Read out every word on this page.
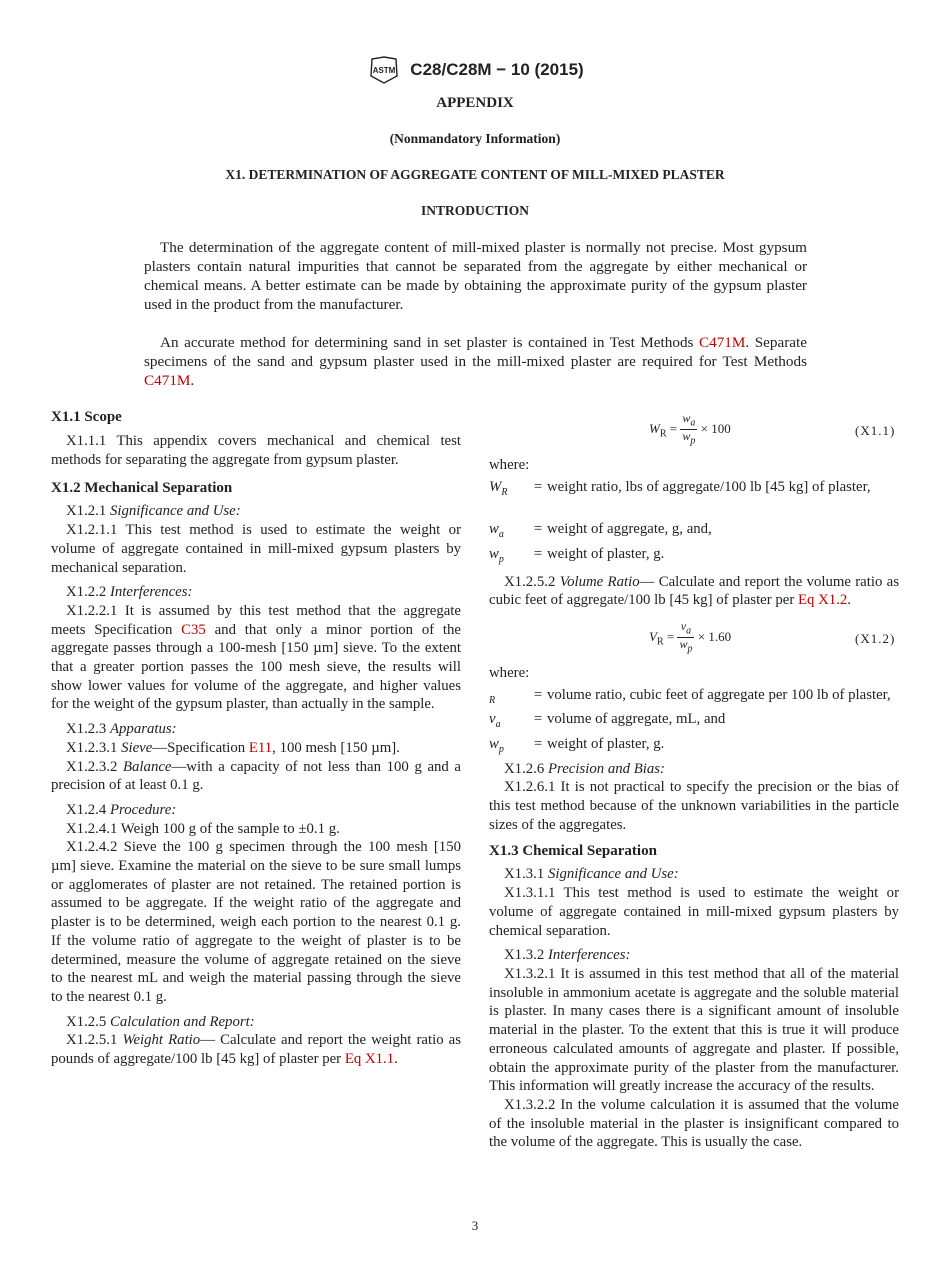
ASTM C28/C28M − 10 (2015)
APPENDIX
(Nonmandatory Information)
X1. DETERMINATION OF AGGREGATE CONTENT OF MILL-MIXED PLASTER
INTRODUCTION

The determination of the aggregate content of mill-mixed plaster is normally not precise. Most gypsum plasters contain natural impurities that cannot be separated from the aggregate by either mechanical or chemical means. A better estimate can be made by obtaining the approximate purity of the gypsum plaster used in the product from the manufacturer.

An accurate method for determining sand in set plaster is contained in Test Methods C471M. Separate specimens of the sand and gypsum plaster used in the mill-mixed plaster are required for Test Methods C471M.

X1.1 Scope

X1.1.1 This appendix covers mechanical and chemical test methods for separating the aggregate from gypsum plaster.

X1.2 Mechanical Separation

X1.2.1 Significance and Use:

X1.2.1.1 This test method is used to estimate the weight or volume of aggregate contained in mill-mixed gypsum plasters by mechanical separation.

X1.2.2 Interferences:

X1.2.2.1 It is assumed by this test method that the aggregate meets Specification C35 and that only a minor portion of the aggregate passes through a 100-mesh [150 µm] sieve. To the extent that a greater portion passes the 100 mesh sieve, the results will show lower values for volume of the aggregate, and higher values for the weight of the gypsum plaster, than actually in the sample.

X1.2.3 Apparatus:

X1.2.3.1 Sieve—Specification E11, 100 mesh [150 µm].

X1.2.3.2 Balance—with a capacity of not less than 100 g and a precision of at least 0.1 g.

X1.2.4 Procedure:

X1.2.4.1 Weigh 100 g of the sample to ±0.1 g.

X1.2.4.2 Sieve the 100 g specimen through the 100 mesh [150 µm] sieve. Examine the material on the sieve to be sure small lumps or agglomerates of plaster are not retained. The retained portion is assumed to be aggregate. If the weight ratio of the aggregate and plaster is to be determined, weigh each portion to the nearest 0.1 g. If the volume ratio of aggregate to the weight of plaster is to be determined, measure the volume of aggregate retained on the sieve to the nearest mL and weigh the material passing through the sieve to the nearest 0.1 g.

X1.2.5 Calculation and Report:

X1.2.5.1 Weight Ratio— Calculate and report the weight ratio as pounds of aggregate/100 lb [45 kg] of plaster per Eq X1.1.

$W_R = \frac{w_a}{w_p} \times 100$	(X1.1)

where:

$W_R$	=	weight ratio, lbs of aggregate/100 lb [45 kg] of plaster,

$w_a$	=	weight of aggregate, g, and,
$w_p$	=	weight of plaster, g.

X1.2.5.2 Volume Ratio— Calculate and report the volume ratio as cubic feet of aggregate/100 lb [45 kg] of plaster per Eq X1.2.

$V_R = \frac{v_a}{w_p} \times 1.60$	(X1.2)

where:

$_R$	=	volume ratio, cubic feet of aggregate per 100 lb of plaster,
$v_a$	=	volume of aggregate, mL, and
$w_p$	=	weight of plaster, g.

X1.2.6 Precision and Bias:

X1.2.6.1 It is not practical to specify the precision or the bias of this test method because of the unknown variabilities in the particle sizes of the aggregates.

X1.3 Chemical Separation

X1.3.1 Significance and Use:

X1.3.1.1 This test method is used to estimate the weight or volume of aggregate contained in mill-mixed gypsum plasters by chemical separation.

X1.3.2 Interferences:

X1.3.2.1 It is assumed in this test method that all of the material insoluble in ammonium acetate is aggregate and the soluble material is plaster. In many cases there is a significant amount of insoluble material in the plaster. To the extent that this is true it will produce erroneous calculated amounts of aggregate and plaster. If possible, obtain the approximate purity of the plaster from the manufacturer. This information will greatly increase the accuracy of the results.

X1.3.2.2 In the volume calculation it is assumed that the volume of the insoluble material in the plaster is insignificant compared to the volume of the aggregate. This is usually the case.

3
